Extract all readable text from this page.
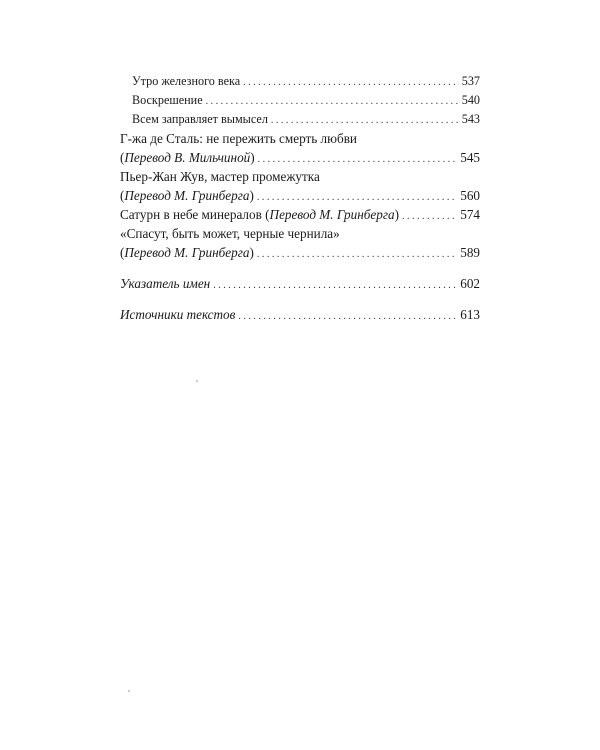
Утро железного века . . .	537
Воскрешение . . .	540
Всем заправляет вымысел . . .	543
Г-жа де Сталь: не пережить смерть любви
(Перевод В. Мильчиной) . . .	545
Пьер-Жан Жув, мастер промежутка
(Перевод М. Гринберга) . . .	560
Сатурн в небе минералов (Перевод М. Гринберга) . . .	574
«Спасут, быть может, черные чернила»
(Перевод М. Гринберга) . . .	589
Указатель имен . . .	602
Источники текстов . . .	613
